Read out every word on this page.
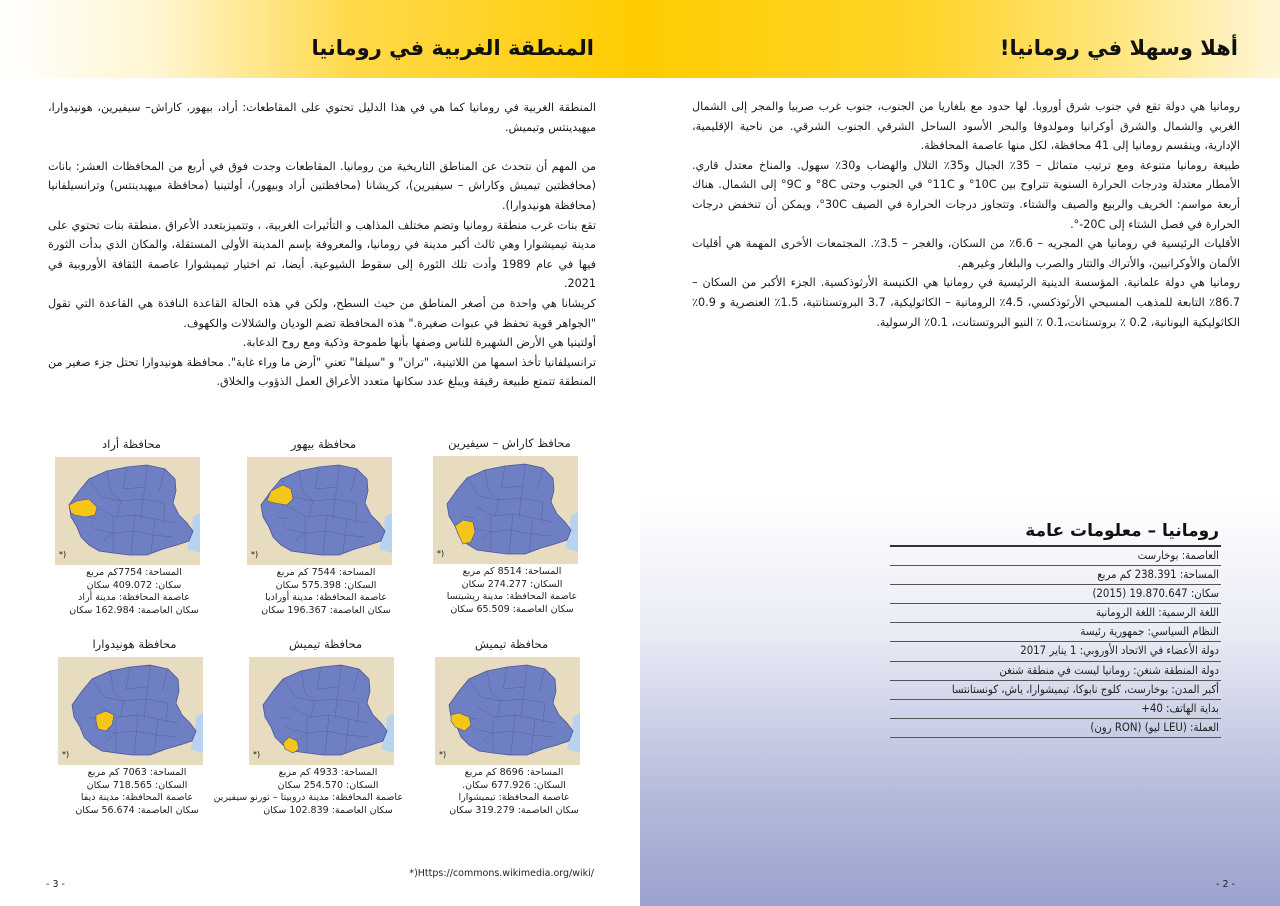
المنطقة الغربية في رومانيا

المنطقة الغربية في رومانيا كما هي في هذا الدليل تحتوي على المقاطعات: أراد، بيهور، كاراش– سيفيرين، هونيدوارا، ميهيدينتس وتيميش.

من المهم أن نتحدث عن المناطق التاريخية من رومانيا. المقاطعات وجدت فوق في أربع من المحافظات العشر: بانات (محافظتين تيميش وكاراش – سيفيرين)، كريشانا (محافظتين أراد وبيهور)، أولتينيا (محافظة ميهيدينتس) وترانسيلفانيا (محافظة هونيدوارا).

تقع بنات غرب منطقة رومانيا وتضم مختلف المذاهب و التأثيرات الغربية، ، وتتميزبتعدد الأعراق .منطقة بنات تحتوي على مدينة تيميشوارا وهي ثالث أكبر مدينة في رومانيا، والمعروفة بإسم المدينة الأولى المستقلة، والمكان الذي بدأت الثورة فيها في عام 1989 وأدت تلك الثورة إلى سقوط الشيوعية. أيضا، تم اختيار تيميشوارا عاصمة الثقافة الأوروبية في 2021.

كريشانا هي واحدة من أصغر المناطق من حيث السطح، ولكن في هذه الحالة القاعدة النافذة هي القاعدة التي تقول "الجواهر قوية تحفظ في عبوات صغيرة." هذه المحافظة تضم الوديان والشلالات والكهوف.

أولتينيا هي الأرض الشهيرة للناس وصفها بأنها طموحة وذكية ومع روح الدعابة.

ترانسيلفانيا تأخذ اسمها من اللاتينية، "تران" و "سيلفا" تعني "أرض ما وراء غابة". محافظة هونيدوارا تحتل جزء صغير من المنطقة تتمتع طبيعة رقيقة ويبلغ عدد سكانها متعدد الأعراق العمل الذؤوب والخلاق.

محافظة أراد
*)
المساحة: 7754كم مربع
سكان: 409.072 سكان
عاصمة المحافظة: مدينة أراد
سكان العاصمة: 162.984 سكان
محافظة بيهور
*)
المساحة: 7544 كم مربع
السكان: 575.398 سكان
عاصمة المحافظة: مدينة أوراديا
سكان العاصمة: 196.367 سكان
محافظ كاراش – سيفيرين
*)
المساحة: 8514 كم مربع
السكان: 274.277 سكان
عاصمة المحافظة: مدينة ريشيتسا
سكان العاصمة: 65.509 سكان
محافظة هونيدوارا
*)
المساحة: 7063 كم مربع
السكان: 718.565 سكان
عاصمة المحافظة: مدينة ديفا
سكان العاصمة: 56.674 سكان
محافظة تيميش
*)
المساحة: 4933 كم مربع
السكان: 254.570 سكان
عاصمة المحافظة: مدينة دروبيتا – تورنو سيفيرين
سكان العاصمة: 102.839 سكان
محافظة تيميش
*)
المساحة: 8696 كم مربع
السكان: 677.926 سكان.
عاصمة المحافظة: تيميشوارا
سكان العاصمة: 319.279 سكان
*)Https://commons.wikimedia.org/wiki/
- 3 -
أهلا وسهلا في رومانيا!

رومانيا هي دولة تقع في جنوب شرق أوروبا. لها حدود مع بلغاريا من الجنوب، جنوب غرب صربيا والمجر إلى الشمال الغربي والشمال والشرق أوكرانيا ومولدوفا والبحر الأسود الساحل الشرقي الجنوب الشرقي. من ناحية الإقليمية، الإدارية، وينقسم رومانيا إلى 41 محافظة، لكل منها عاصمة المحافظة.

طبيعة رومانيا متنوعة ومع ترتيب متماثل – 35٪ الجبال و35٪ التلال والهضاب و30٪ سهول. والمناخ معتدل قاري. الأمطار معتدلة ودرجات الحرارة السنوية تتراوح بين 10C° و 11C° في الجنوب وحتى 8C° و 9C° إلى الشمال. هناك أربعة مواسم: الخريف والربيع والصيف والشتاء. وتتجاوز درجات الحرارة في الصيف 30C°، ويمكن أن تنخفض درجات الحرارة في فصل الشتاء إلى 20C-°.

الأقليات الرئيسية في رومانيا هي المجريه – 6.6٪ من السكان، والغجر – 3.5٪. المجتمعات الأخرى المهمة هي أقليات الألمان والأوكرانيين، والأتراك والتتار والصرب والبلغار وغيرهم.

رومانيا هي دولة علمانية. المؤسسة الدينية الرئيسية في رومانيا هي الكنيسة الأرثوذكسية. الجزء الأكبر من السكان – 86.7٪ التابعة للمذهب المسيحي الأرثوذكسي، 4.5٪ الرومانية – الكاثوليكية، 3.7 البروتستانتية، 1.5٪ العنصرية و 0.9٪ الكاثوليكية اليونانية، 0.2 ٪ بروتستانت،0.1 ٪ النيو البروتستانت، 0.1٪ الرسولية.

رومانيا – معلومات عامة
العاصمة: بوخارست
المساحة: 238.391 كم مربع
سكان: 19.870.647 (2015)
اللغة الرسمية: اللغة الرومانية
النظام السياسي: جمهورية رئيسة
دولة الأعضاء في الاتحاد الأوروبي: 1 يناير 2017
دولة المنطقة شنغن: رومانيا ليست في منطقة شنغن
أكبر المدن: بوخارست، كلوج نابوكا، تيميشوارا، ياش، كونستانتسا
بداية الهاتف: 40+
العملة: (LEU ليو) (RON رون)
- 2 -
